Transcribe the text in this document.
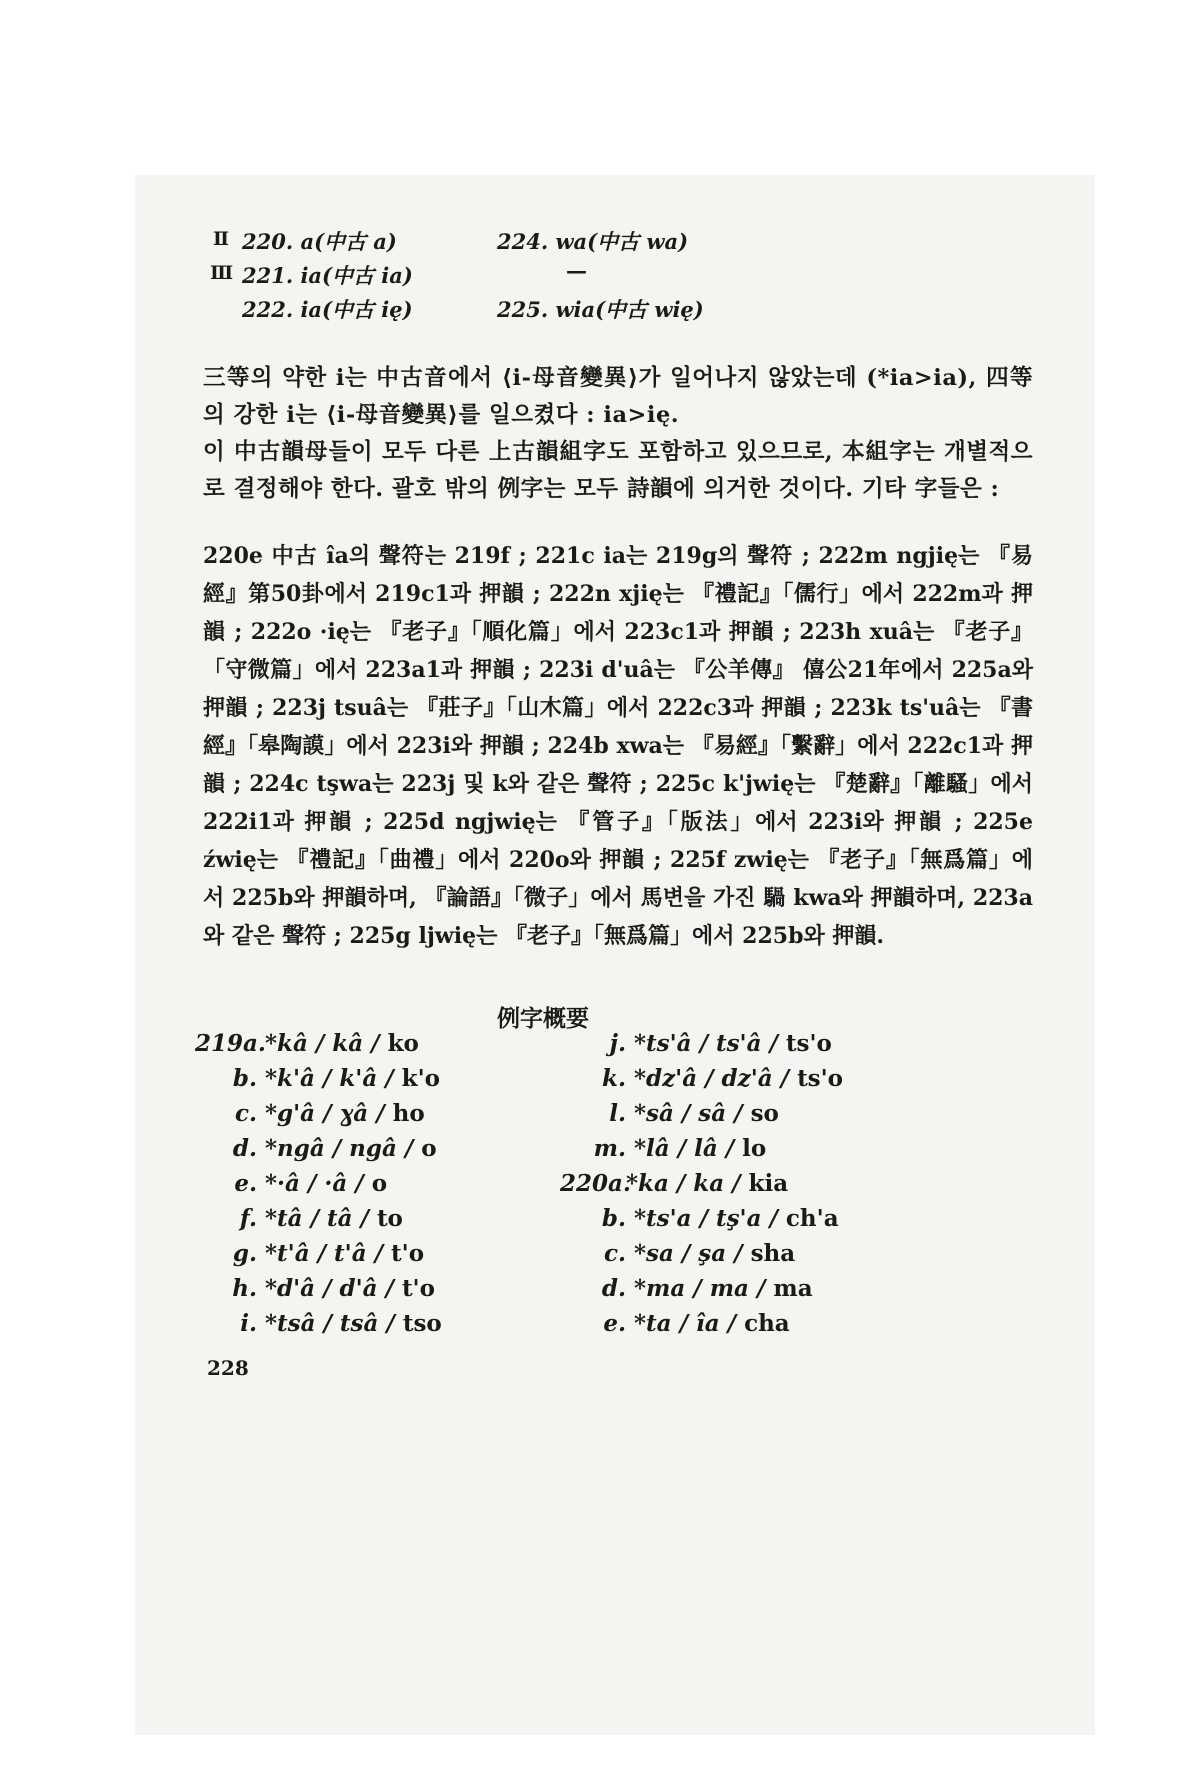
Ⅱ 220. a(中古 a)	224. wa(中古 wa)
Ⅲ 221. ia(中古 ia)	—
222. ia(中古 ię)	225. wia(中古 wię)

三等의 약한 i는 中古音에서 ⟨i-母音變異⟩가 일어나지 않았는데 (*ia>ia), 四等의 강한 i는 ⟨i-母音變異⟩를 일으켰다 : ia>ię.

이 中古韻母들이 모두 다른 上古韻組字도 포함하고 있으므로, 本組字는 개별적으로 결정해야 한다. 괄호 밖의 例字는 모두 詩韻에 의거한 것이다. 기타 字들은 :

220e 中古 îa의 聲符는 219f ; 221c ia는 219g의 聲符 ; 222m ngjię는 『易經』第50卦에서 219c1과 押韻 ; 222n xjię는 『禮記』「儒行」에서 222m과 押韻 ; 222o ·ię는 『老子』「順化篇」에서 223c1과 押韻 ; 223h xuâ는 『老子』「守微篇」에서 223a1과 押韻 ; 223i d'uâ는 『公羊傳』 僖公21年에서 225a와 押韻 ; 223j tsuâ는 『莊子』「山木篇」에서 222c3과 押韻 ; 223k ts'uâ는 『書經』「皋陶謨」에서 223i와 押韻 ; 224b xwa는 『易經』「繫辭」에서 222c1과 押韻 ; 224c tşwa는 223j 및 k와 같은 聲符 ; 225c k'jwię는 『楚辭』「離騷」에서 222i1과 押韻 ; 225d ngjwię는 『管子』「版法」에서 223i와 押韻 ; 225e źwię는 『禮記』「曲禮」에서 220o와 押韻 ; 225f zwię는 『老子』「無爲篇」에서 225b와 押韻하며, 『論語』「微子」에서 馬변을 가진 騧 kwa와 押韻하며, 223a와 같은 聲符 ; 225g ljwię는 『老子』「無爲篇」에서 225b와 押韻.
例字概要
219a. *kâ / kâ / ko
b. *k'â / k'â / k'o
c. *g'â / ɣâ / ho
d. *ngâ / ngâ / o
e. *·â / ·â / o
f. *tâ / tâ / to
g. *t'â / t'â / t'o
h. *d'â / d'â / t'o
i. *tsâ / tsâ / tso
j. *ts'â / ts'â / ts'o
k. *dz'â / dz'â / ts'o
l. *sâ / sâ / so
m. *lâ / lâ / lo
220a.*ka / ka / kia
b. *ts'a / tş'a / ch'a
c. *sa / şa / sha
d. *ma / ma / ma
e. *ta / îa / cha
228
